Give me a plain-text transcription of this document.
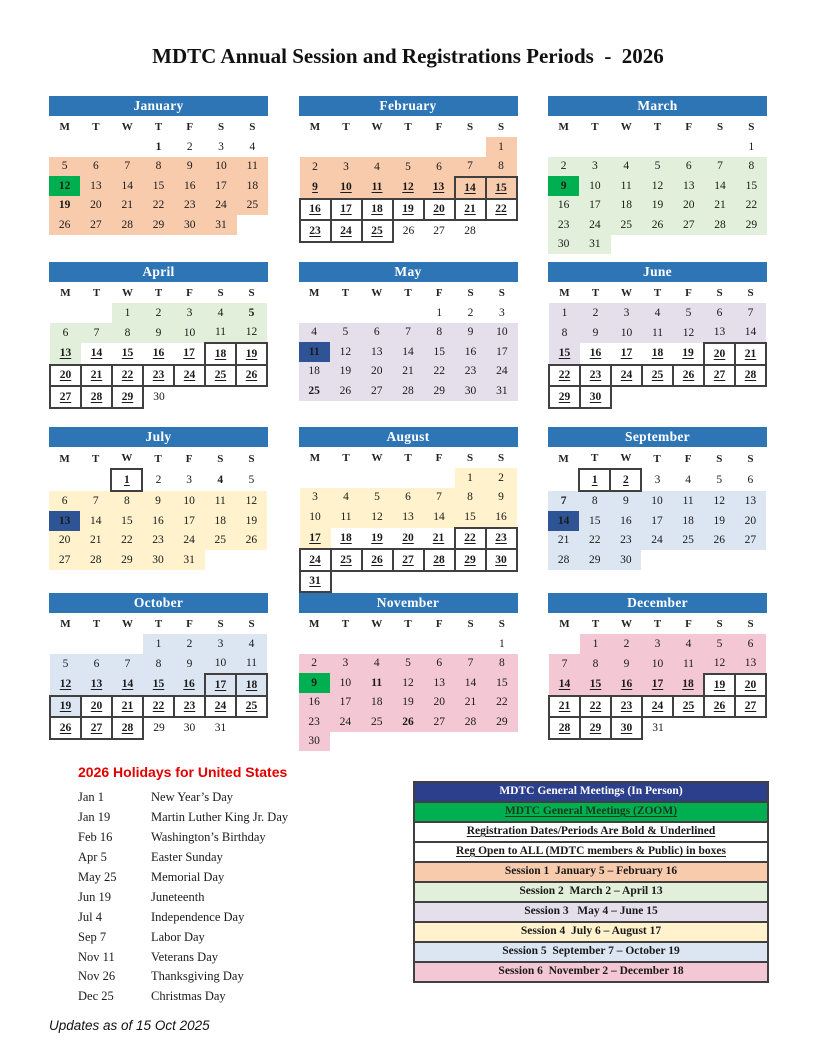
MDTC Annual Session and Registrations Periods  -  2026
January
M	T	W	T	F	S	S
			1	2	3	4
5	6	7	8	9	10	11
12	13	14	15	16	17	18
19	20	21	22	23	24	25
26	27	28	29	30	31	
February
M	T	W	T	F	S	S
						1
2	3	4	5	6	7	8
9	10	11	12	13	14	15
16	17	18	19	20	21	22
23	24	25	26	27	28	
March
M	T	W	T	F	S	S
						1
2	3	4	5	6	7	8
9	10	11	12	13	14	15
16	17	18	19	20	21	22
23	24	25	26	27	28	29
30	31					
April
M	T	W	T	F	S	S
		1	2	3	4	5
6	7	8	9	10	11	12
13	14	15	16	17	18	19
20	21	22	23	24	25	26
27	28	29	30			
May
M	T	W	T	F	S	S
				1	2	3
4	5	6	7	8	9	10
11	12	13	14	15	16	17
18	19	20	21	22	23	24
25	26	27	28	29	30	31
June
M	T	W	T	F	S	S
1	2	3	4	5	6	7
8	9	10	11	12	13	14
15	16	17	18	19	20	21
22	23	24	25	26	27	28
29	30					
July
M	T	W	T	F	S	S
		1	2	3	4	5
6	7	8	9	10	11	12
13	14	15	16	17	18	19
20	21	22	23	24	25	26
27	28	29	30	31		
August
M	T	W	T	F	S	S
					1	2
3	4	5	6	7	8	9
10	11	12	13	14	15	16
17	18	19	20	21	22	23
24	25	26	27	28	29	30
31						
September
M	T	W	T	F	S	S
	1	2	3	4	5	6
7	8	9	10	11	12	13
14	15	16	17	18	19	20
21	22	23	24	25	26	27
28	29	30				
October
M	T	W	T	F	S	S
			1	2	3	4
5	6	7	8	9	10	11
12	13	14	15	16	17	18
19	20	21	22	23	24	25
26	27	28	29	30	31	
November
M	T	W	T	F	S	S
						1
2	3	4	5	6	7	8
9	10	11	12	13	14	15
16	17	18	19	20	21	22
23	24	25	26	27	28	29
30						
December
M	T	W	T	F	S	S
	1	2	3	4	5	6
7	8	9	10	11	12	13
14	15	16	17	18	19	20
21	22	23	24	25	26	27
28	29	30	31			
2026 Holidays for United States
Jan 1	New Year’s Day
Jan 19	Martin Luther King Jr. Day
Feb 16	Washington’s Birthday
Apr 5	Easter Sunday
May 25	Memorial Day
Jun 19	Juneteenth
Jul 4	Independence Day
Sep 7	Labor Day
Nov 11	Veterans Day
Nov 26	Thanksgiving Day
Dec 25	Christmas Day
MDTC General Meetings (In Person)
MDTC General Meetings (ZOOM)
Registration Dates/Periods Are Bold & Underlined
Reg Open to ALL (MDTC members & Public) in boxes
Session 1  January 5 – February 16
Session 2  March 2 – April 13
Session 3   May 4 – June 15
Session 4  July 6 – August 17
Session 5  September 7 – October 19
Session 6  November 2 – December 18
Updates as of 15 Oct 2025
